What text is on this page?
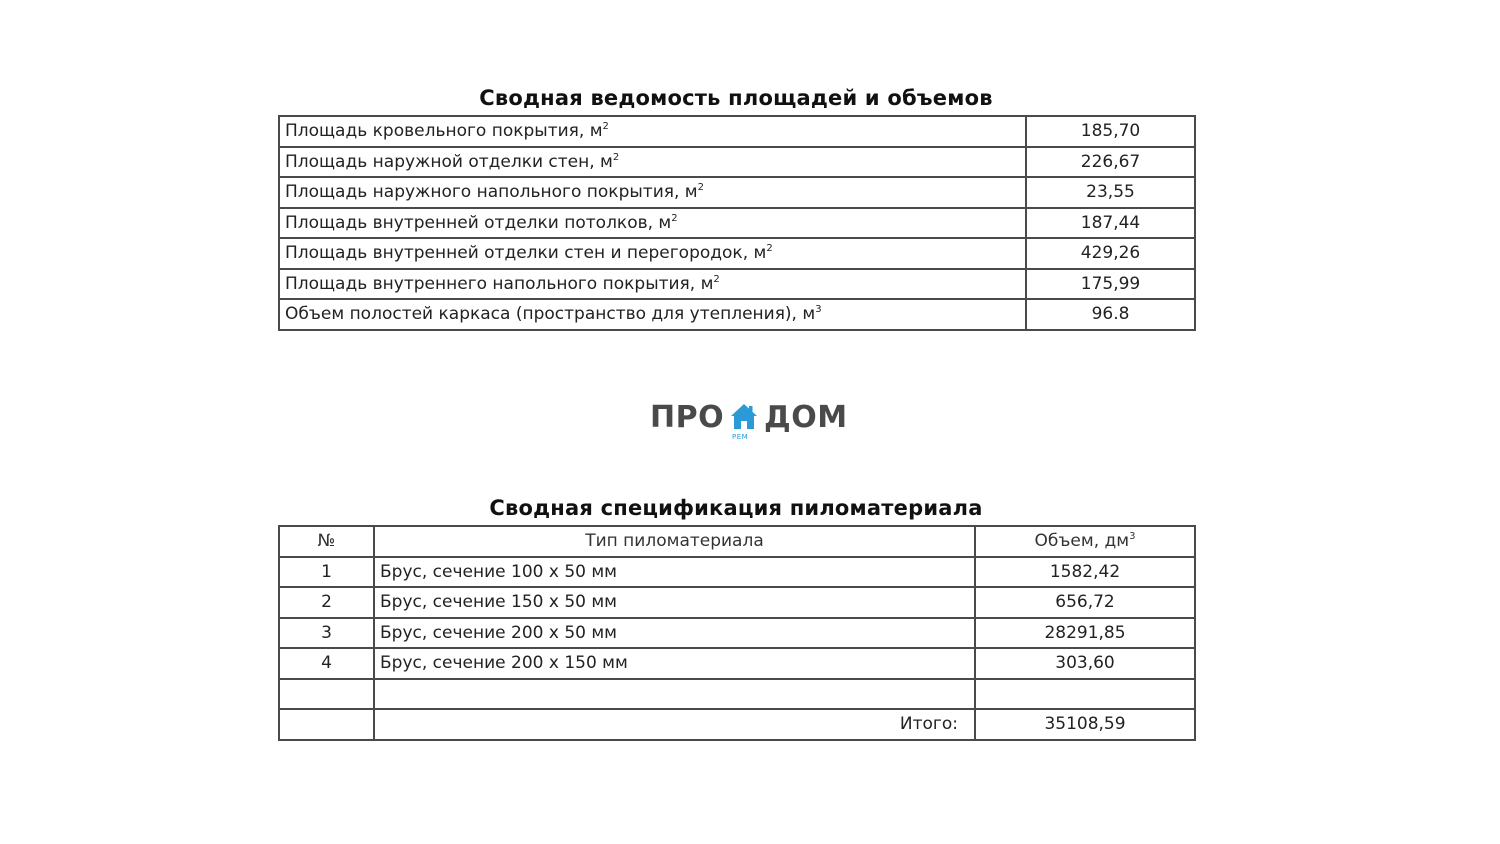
Сводная ведомость площадей и объемов
Площадь кровельного покрытия, $м^2$	185,70
Площадь наружной отделки стен, $м^2$	226,67
Площадь наружного напольного покрытия, $м^2$	23,55
Площадь внутренней отделки потолков, $м^2$	187,44
Площадь внутренней отделки стен и перегородок, $м^2$	429,26
Площадь внутреннего напольного покрытия, $м^2$	175,99
Объем полостей каркаса (пространство для утепления), $м^3$	96.8
ПРО
РЕМ
ДОМ
Сводная спецификация пиломатериала
№	Тип пиломатериала	Объем, $дм^3$
1	Брус, сечение 100 х 50 мм	1582,42
2	Брус, сечение 150 х 50 мм	656,72
3	Брус, сечение 200 х 50 мм	28291,85
4	Брус, сечение 200 х 150 мм	303,60

	Итого:	35108,59
